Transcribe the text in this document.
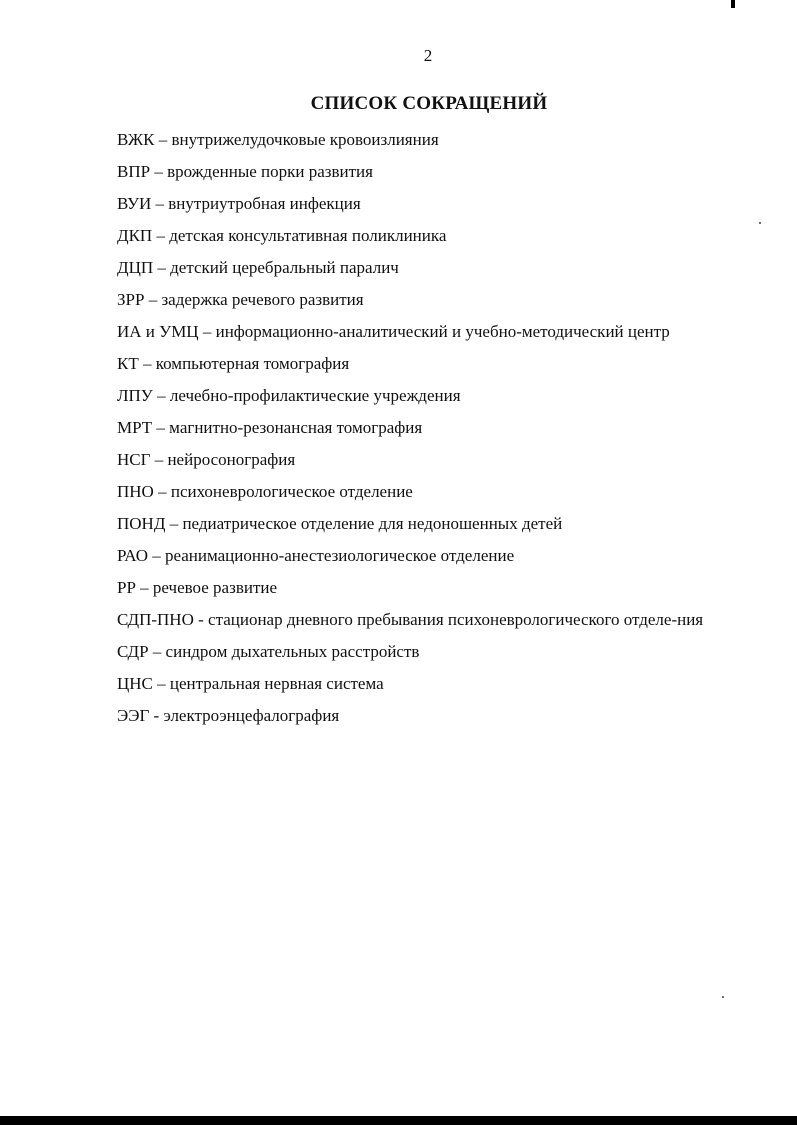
2
СПИСОК СОКРАЩЕНИЙ
ВЖК – внутрижелудочковые кровоизлияния
ВПР – врожденные порки развития
ВУИ – внутриутробная инфекция
ДКП – детская консультативная поликлиника
ДЦП – детский церебральный паралич
ЗРР – задержка речевого развития
ИА и УМЦ – информационно-аналитический и учебно-методический центр
КТ – компьютерная томография
ЛПУ – лечебно-профилактические учреждения
МРТ – магнитно-резонансная томография
НСГ – нейросонография
ПНО – психоневрологическое отделение
ПОНД – педиатрическое отделение для недоношенных детей
РАО – реанимационно-анестезиологическое отделение
РР – речевое развитие
СДП-ПНО - стационар дневного пребывания психоневрологического отделе-ния
СДР – синдром дыхательных расстройств
ЦНС – центральная нервная система
ЭЭГ - электроэнцефалография
